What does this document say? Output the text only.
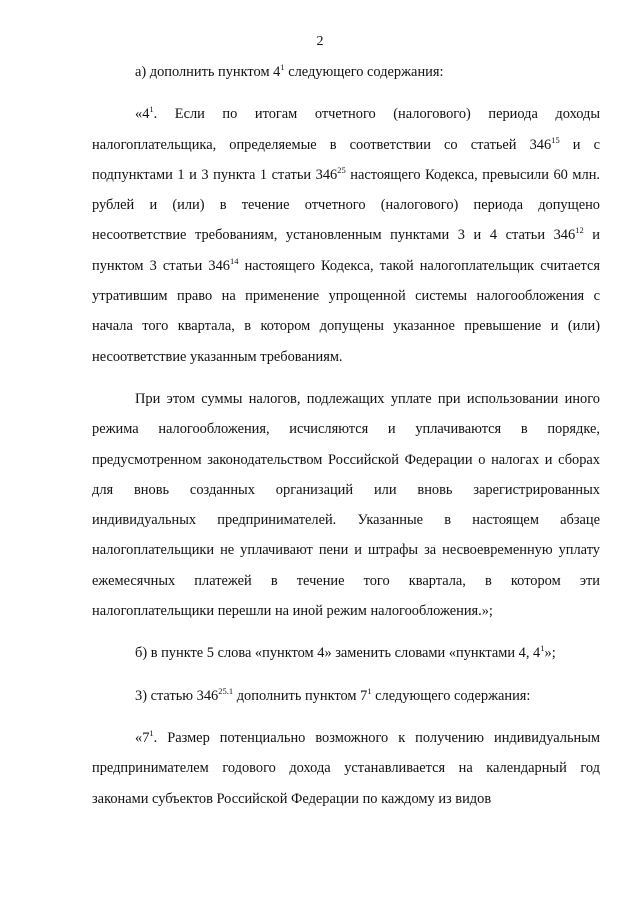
2

а) дополнить пунктом $4^1$ следующего содержания:

«$4^1$. Если по итогам отчетного (налогового) периода доходы налогоплательщика, определяемые в соответствии со статьей $346^{15}$ и с подпунктами 1 и 3 пункта 1 статьи $346^{25}$ настоящего Кодекса, превысили 60 млн. рублей и (или) в течение отчетного (налогового) периода допущено несоответствие требованиям, установленным пунктами 3 и 4 статьи $346^{12}$ и пунктом 3 статьи $346^{14}$ настоящего Кодекса, такой налогоплательщик считается утратившим право на применение упрощенной системы налогообложения с начала того квартала, в котором допущены указанное превышение и (или) несоответствие указанным требованиям.

При этом суммы налогов, подлежащих уплате при использовании иного режима налогообложения, исчисляются и уплачиваются в порядке, предусмотренном законодательством Российской Федерации о налогах и сборах для вновь созданных организаций или вновь зарегистрированных индивидуальных предпринимателей. Указанные в настоящем абзаце налогоплательщики не уплачивают пени и штрафы за несвоевременную уплату ежемесячных платежей в течение того квартала, в котором эти налогоплательщики перешли на иной режим налогообложения.»;

б) в пункте 5 слова «пунктом 4» заменить словами «пунктами 4, $4^1$»;

3) статью $346^{25.1}$ дополнить пунктом $7^1$ следующего содержания:

«$7^1$. Размер потенциально возможного к получению индивидуальным предпринимателем годового дохода устанавливается на календарный год законами субъектов Российской Федерации по каждому из видов
